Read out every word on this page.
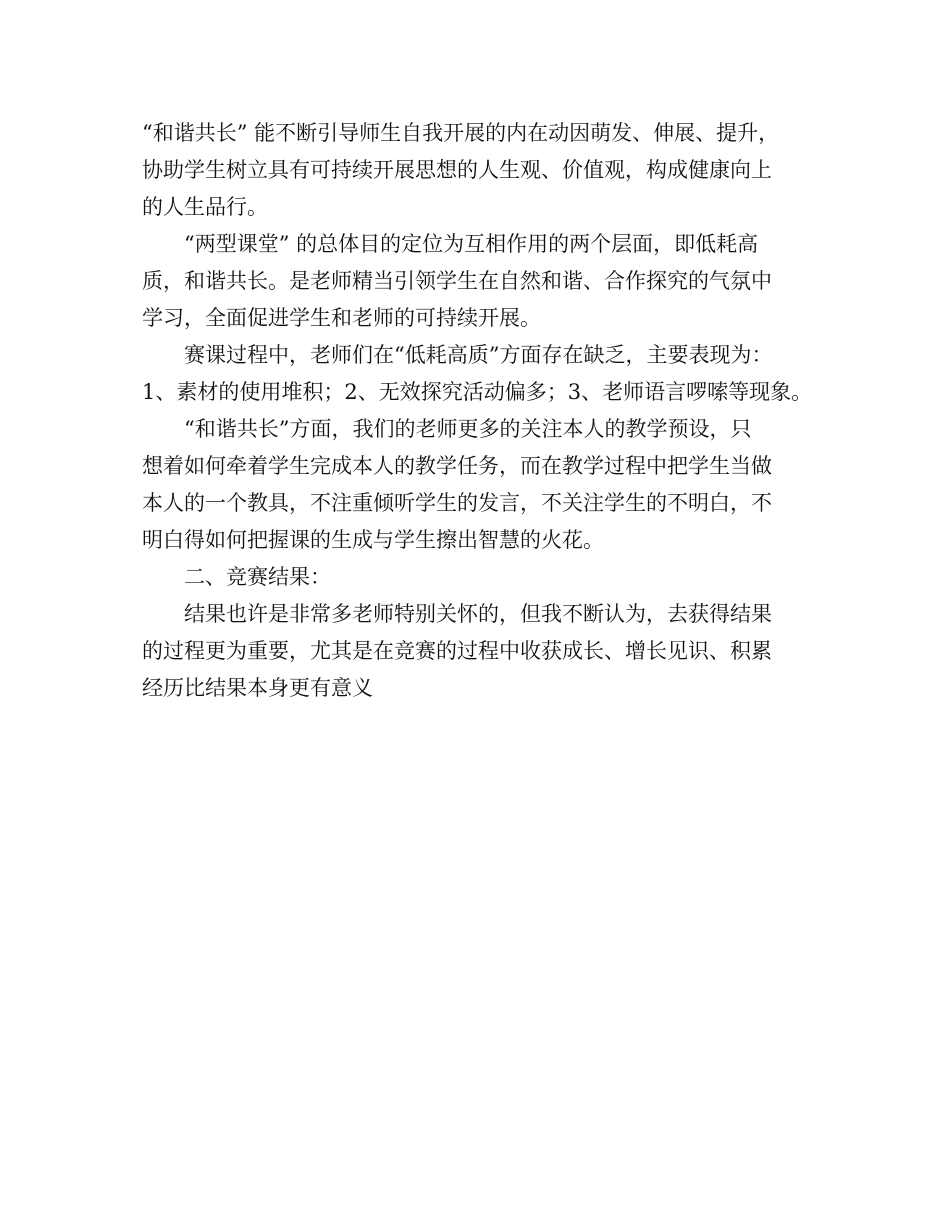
“和谐共长” 能不断引导师生自我开展的内在动因萌发、伸展、提升，

协助学生树立具有可持续开展思想的人生观、价值观，构成健康向上

的人生品行。

“两型课堂” 的总体目的定位为互相作用的两个层面，即低耗高

质，和谐共长。是老师精当引领学生在自然和谐、合作探究的气氛中

学习，全面促进学生和老师的可持续开展。

赛课过程中，老师们在“低耗高质”方面存在缺乏，主要表现为：

1、素材的使用堆积；2、无效探究活动偏多；3、老师语言啰嗦等现象。

“和谐共长”方面，我们的老师更多的关注本人的教学预设，只

想着如何牵着学生完成本人的教学任务，而在教学过程中把学生当做

本人的一个教具，不注重倾听学生的发言，不关注学生的不明白，不

明白得如何把握课的生成与学生擦出智慧的火花。

二、竞赛结果：

结果也许是非常多老师特别关怀的，但我不断认为，去获得结果

的过程更为重要，尤其是在竞赛的过程中收获成长、增长见识、积累

经历比结果本身更有意义
